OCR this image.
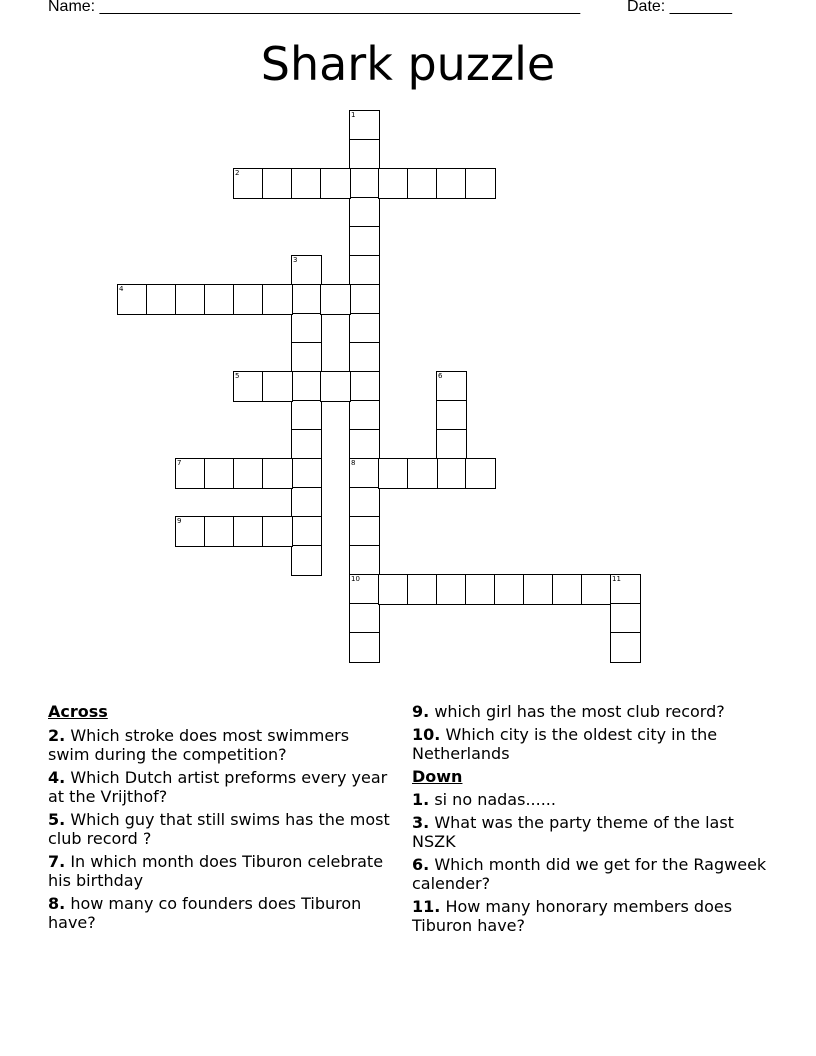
Name: ______________________________________________________	Date: _______
Shark puzzle
1
8
10
2
3
4
5	6
7
9
11
Across
2. Which stroke does most swimmers swim during the competition?
4. Which Dutch artist preforms every year at the Vrijthof?
5. Which guy that still swims has the most club record ?
7. In which month does Tiburon celebrate his birthday
8. how many co founders does Tiburon have?
9. which girl has the most club record?
10. Which city is the oldest city in the Netherlands
Down
1. si no nadas......
3. What was the party theme of the last NSZK
6. Which month did we get for the Ragweek calender?
11. How many honorary members does Tiburon have?
